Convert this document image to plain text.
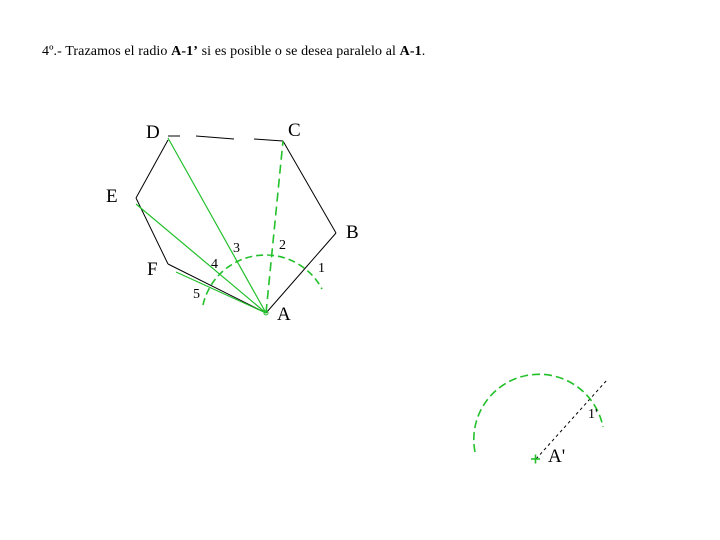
4º.- Trazamos el radio A-1’ si es posible o se desea paralelo al A-1.
D	C
E
B
F
A
1
2
3
4
5
A'
1'
